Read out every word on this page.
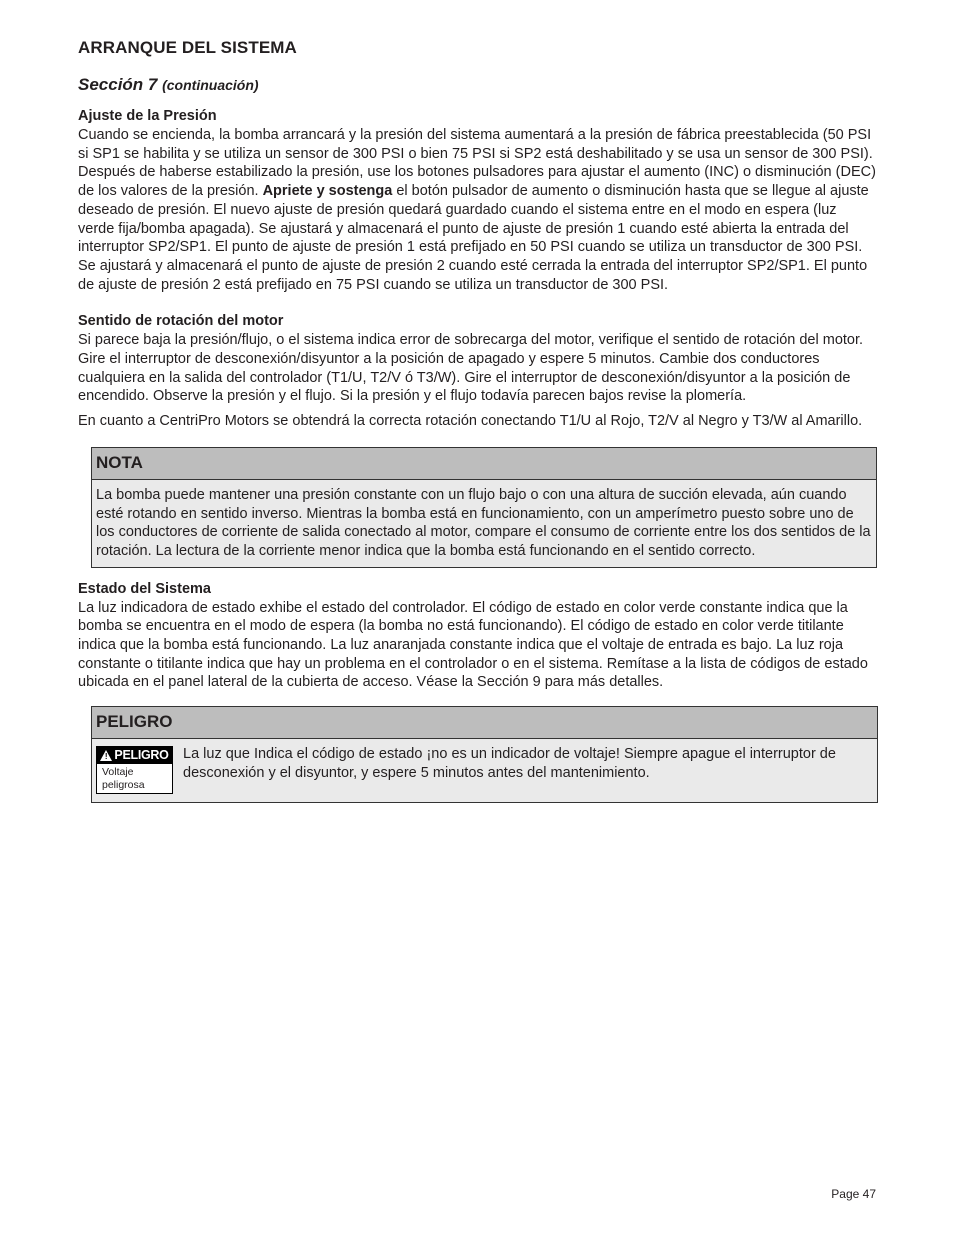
ARRANQUE DEL SISTEMA
Sección 7 (continuación)
Ajuste de la Presión

Cuando se encienda, la bomba arrancará y la presión del sistema aumentará a la presión de fábrica preestablecida (50 PSI si SP1 se habilita y se utiliza un sensor de 300 PSI o bien 75 PSI si SP2 está deshabilitado y se usa un sensor de 300 PSI). Después de haberse estabilizado la presión, use los botones pulsadores para ajustar el aumento (INC) o disminución (DEC) de los valores de la presión. Apriete y sostenga el botón pulsador de aumento o disminución hasta que se llegue al ajuste deseado de presión. El nuevo ajuste de presión quedará guardado cuando el sistema entre en el modo en espera (luz verde fija/bomba apagada). Se ajustará y almacenará el punto de ajuste de presión 1 cuando esté abierta la entrada del interruptor SP2/SP1. El punto de ajuste de presión 1 está prefijado en 50 PSI cuando se utiliza un transductor de 300 PSI. Se ajustará y almacenará el punto de ajuste de presión 2 cuando esté cerrada la entrada del interruptor SP2/SP1. El punto de ajuste de presión 2 está prefijado en 75 PSI cuando se utiliza un transductor de 300 PSI.

Sentido de rotación del motor

Si parece baja la presión/flujo, o el sistema indica error de sobrecarga del motor, verifique el sentido de rotación del motor. Gire el interruptor de desconexión/disyuntor a la posición de apagado y espere 5 minutos. Cambie dos conductores cualquiera en la salida del controlador (T1/U, T2/V ó T3/W). Gire el interruptor de desconexión/disyuntor a la posición de encendido. Observe la presión y el flujo. Si la presión y el flujo todavía parecen bajos revise la plomería.

En cuanto a CentriPro Motors se obtendrá la correcta rotación conectando T1/U al Rojo, T2/V al Negro y T3/W al Amarillo.

NOTA
La bomba puede mantener una presión constante con un flujo bajo o con una altura de succión elevada, aún cuando esté rotando en sentido inverso. Mientras la bomba está en funcionamiento, con un amperímetro puesto sobre uno de los conductores de corriente de salida conectado al motor, compare el consumo de corriente entre los dos sentidos de la rotación. La lectura de la corriente menor indica que la bomba está funcionando en el sentido correcto.
Estado del Sistema

La luz indicadora de estado exhibe el estado del controlador. El código de estado en color verde constante indica que la bomba se encuentra en el modo de espera (la bomba no está funcionando). El código de estado en color verde titilante indica que la bomba está funcionando. La luz anaranjada constante indica que el voltaje de entrada es bajo. La luz roja constante o titilante indica que hay un problema en el controlador o en el sistema. Remítase a la lista de códigos de estado ubicada en el panel lateral de la cubierta de acceso. Véase la Sección 9 para más detalles.

PELIGRO
! PELIGRO
Voltaje
peligrosa
La luz que Indica el código de estado ¡no es un indicador de voltaje! Siempre apague el interruptor de desconexión y el disyuntor, y espere 5 minutos antes del mantenimiento.
Page 47
